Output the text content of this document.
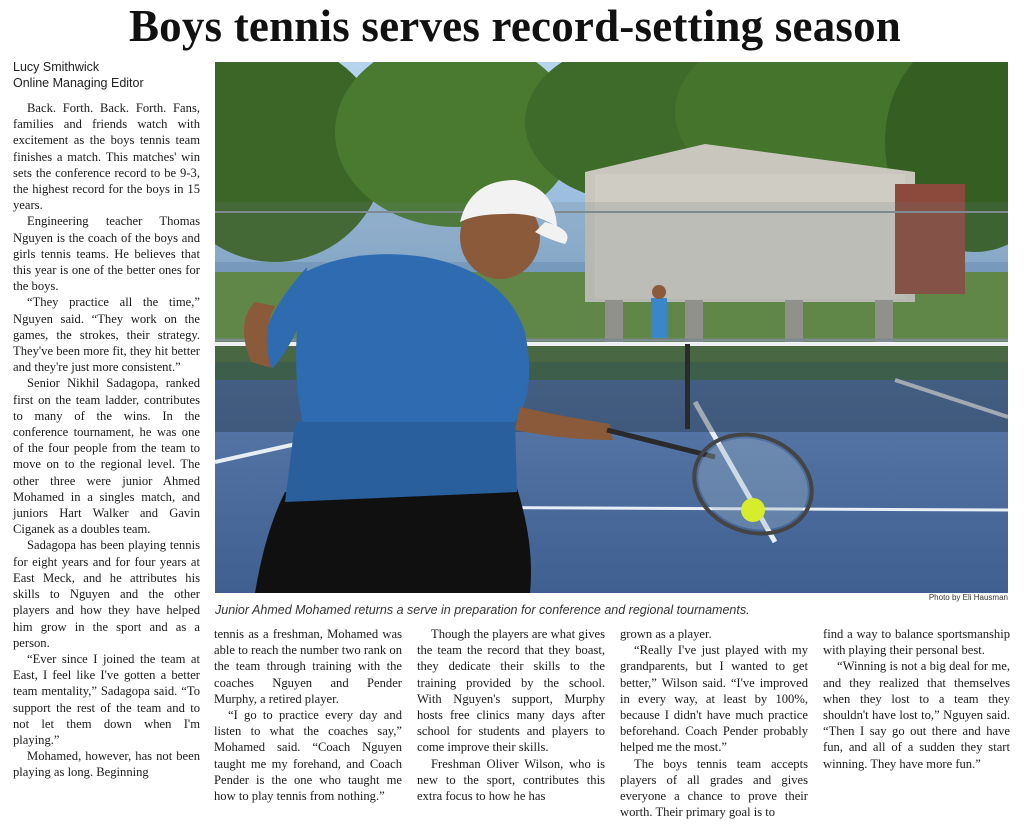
Boys tennis serves record-setting season
Lucy Smithwick
Online Managing Editor

Back. Forth. Back. Forth. Fans, families and friends watch with excitement as the boys tennis team finishes a match. This matches' win sets the conference record to be 9-3, the highest record for the boys in 15 years.

Engineering teacher Thomas Nguyen is the coach of the boys and girls tennis teams. He believes that this year is one of the better ones for the boys.

“They practice all the time,” Nguyen said. “They work on the games, the strokes, their strategy. They've been more fit, they hit better and they're just more consistent.”

Senior Nikhil Sadagopa, ranked first on the team ladder, contributes to many of the wins. In the conference tournament, he was one of the four people from the team to move on to the regional level. The other three were junior Ahmed Mohamed in a singles match, and juniors Hart Walker and Gavin Ciganek as a doubles team.

Sadagopa has been playing tennis for eight years and for four years at East Meck, and he attributes his skills to Nguyen and the other players and how they have helped him grow in the sport and as a person.

“Ever since I joined the team at East, I feel like I've gotten a better team mentality,” Sadagopa said. “To support the rest of the team and to not let them down when I'm playing.”

Mohamed, however, has not been playing as long. Beginning

Photo by Eli Hausman
Junior Ahmed Mohamed returns a serve in preparation for conference and regional tournaments.

tennis as a freshman, Mohamed was able to reach the number two rank on the team through training with the coaches Nguyen and Pender Murphy, a retired player.

“I go to practice every day and listen to what the coaches say,” Mohamed said. “Coach Nguyen taught me my forehand, and Coach Pender is the one who taught me how to play tennis from nothing.”

Though the players are what gives the team the record that they boast, they dedicate their skills to the training provided by the school. With Nguyen's support, Murphy hosts free clinics many days after school for students and players to come improve their skills.

Freshman Oliver Wilson, who is new to the sport, contributes this extra focus to how he has

grown as a player.

“Really I've just played with my grandparents, but I wanted to get better,” Wilson said. “I've improved in every way, at least by 100%, because I didn't have much practice beforehand. Coach Pender probably helped me the most.”

The boys tennis team accepts players of all grades and gives everyone a chance to prove their worth. Their primary goal is to

find a way to balance sportsmanship with playing their personal best.

“Winning is not a big deal for me, and they realized that themselves when they lost to a team they shouldn't have lost to,” Nguyen said. “Then I say go out there and have fun, and all of a sudden they start winning. They have more fun.”
